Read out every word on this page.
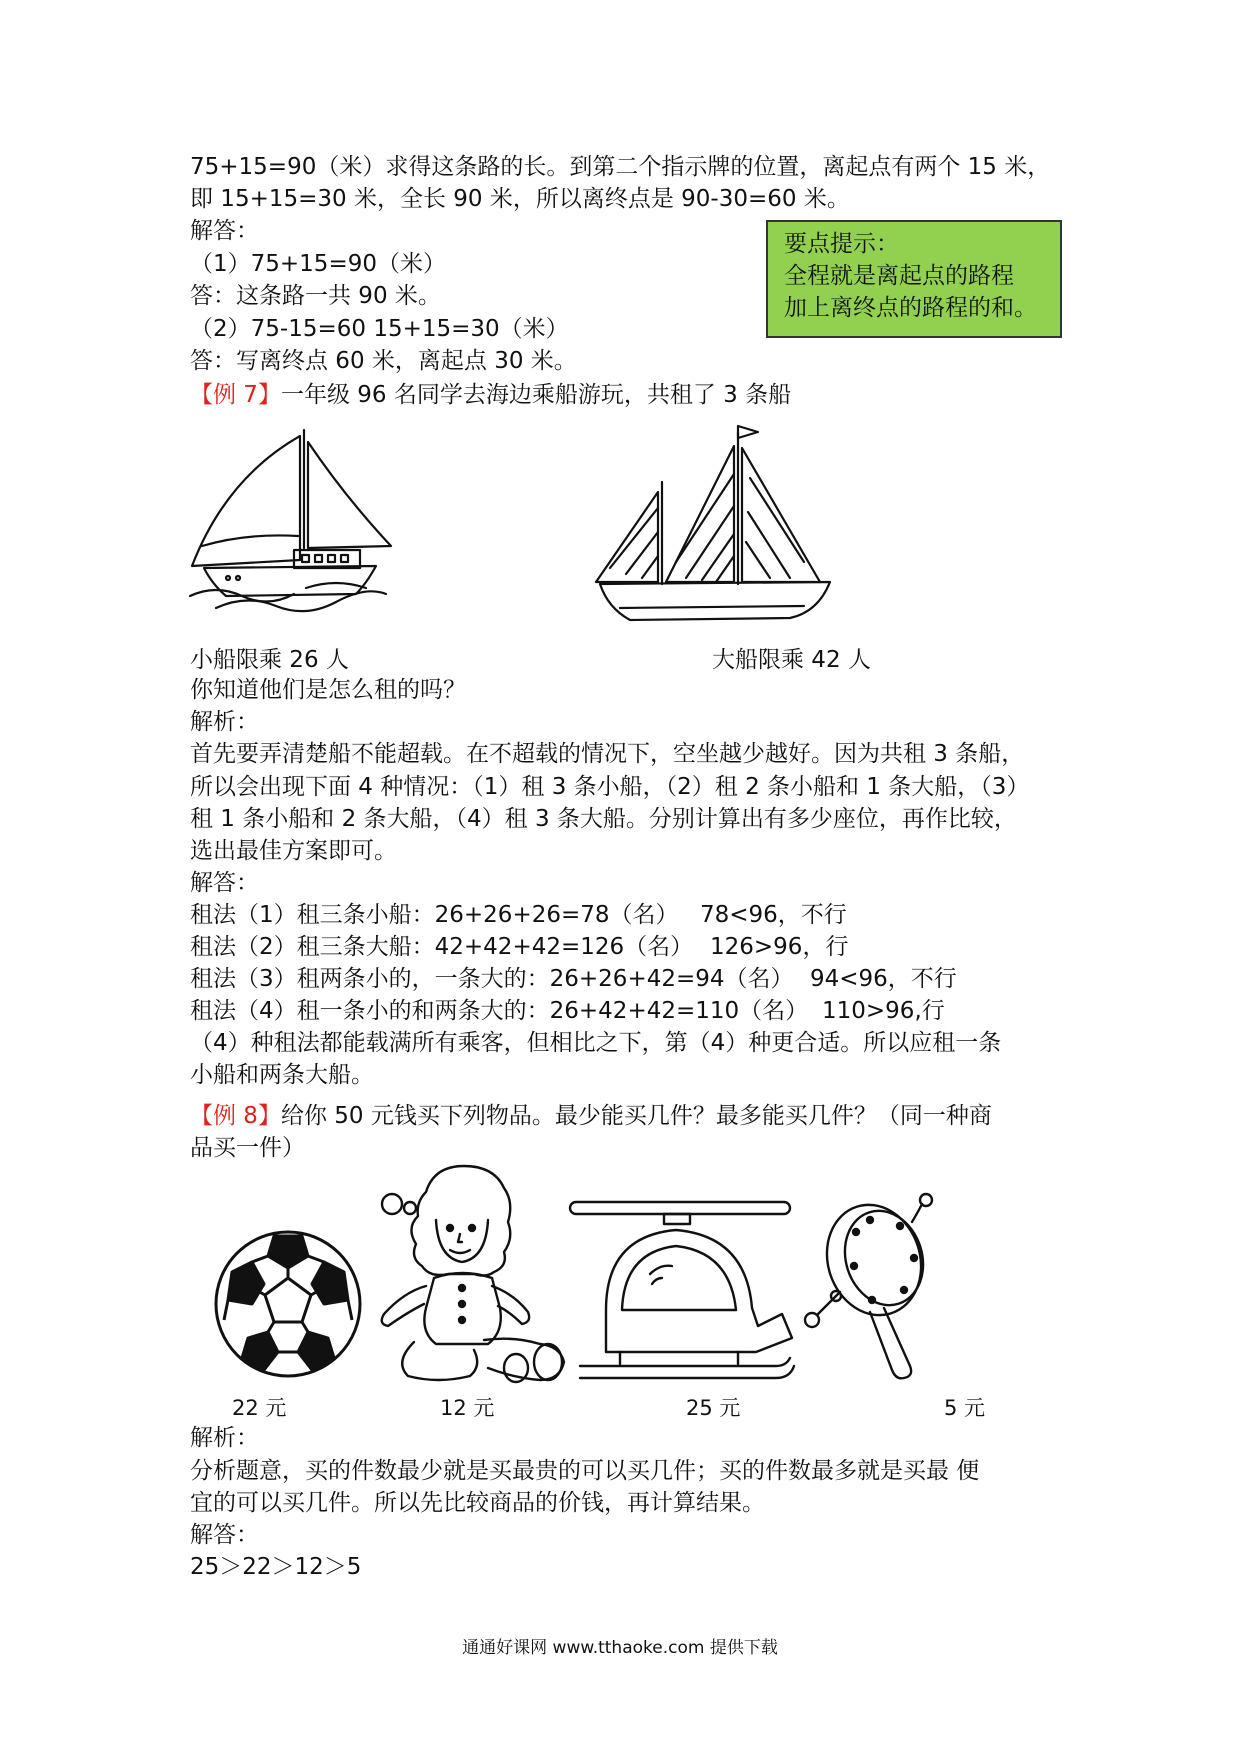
75+15=90（米）求得这条路的长。到第二个指示牌的位置，离起点有两个 15 米，
即 15+15=30 米，全长 90 米，所以离终点是 90-30=60 米。
解答：
（1）75+15=90（米）
答：这条路一共 90 米。
（2）75-15=60 15+15=30（米）
答：写离终点 60 米，离起点 30 米。
要点提示：
全程就是离起点的路程
加上离终点的路程的和。
【例 7】一年级 96 名同学去海边乘船游玩，共租了 3 条船
小船限乘 26 人	大船限乘 42 人
你知道他们是怎么租的吗？
解析：
首先要弄清楚船不能超载。在不超载的情况下，空坐越少越好。因为共租 3 条船，
所以会出现下面 4 种情况：（1）租 3 条小船，（2）租 2 条小船和 1 条大船，（3）
租 1 条小船和 2 条大船，（4）租 3 条大船。分别计算出有多少座位，再作比较，
选出最佳方案即可。
解答：
租法（1）租三条小船：26+26+26=78（名） 78<96，不行
租法（2）租三条大船：42+42+42=126（名） 126>96，行
租法（3）租两条小的，一条大的：26+26+42=94（名） 94<96，不行
租法（4）租一条小的和两条大的：26+42+42=110（名） 110>96,行
（4）种租法都能载满所有乘客，但相比之下，第（4）种更合适。所以应租一条
小船和两条大船。
【例 8】给你 50 元钱买下列物品。最少能买几件？最多能买几件？（同一种商
品买一件）
22 元	12 元	25 元	5 元
解析：
分析题意，买的件数最少就是买最贵的可以买几件；买的件数最多就是买最 便
宜的可以买几件。所以先比较商品的价钱，再计算结果。
解答：
25＞22＞12＞5
通通好课网 www.tthaoke.com 提供下载
